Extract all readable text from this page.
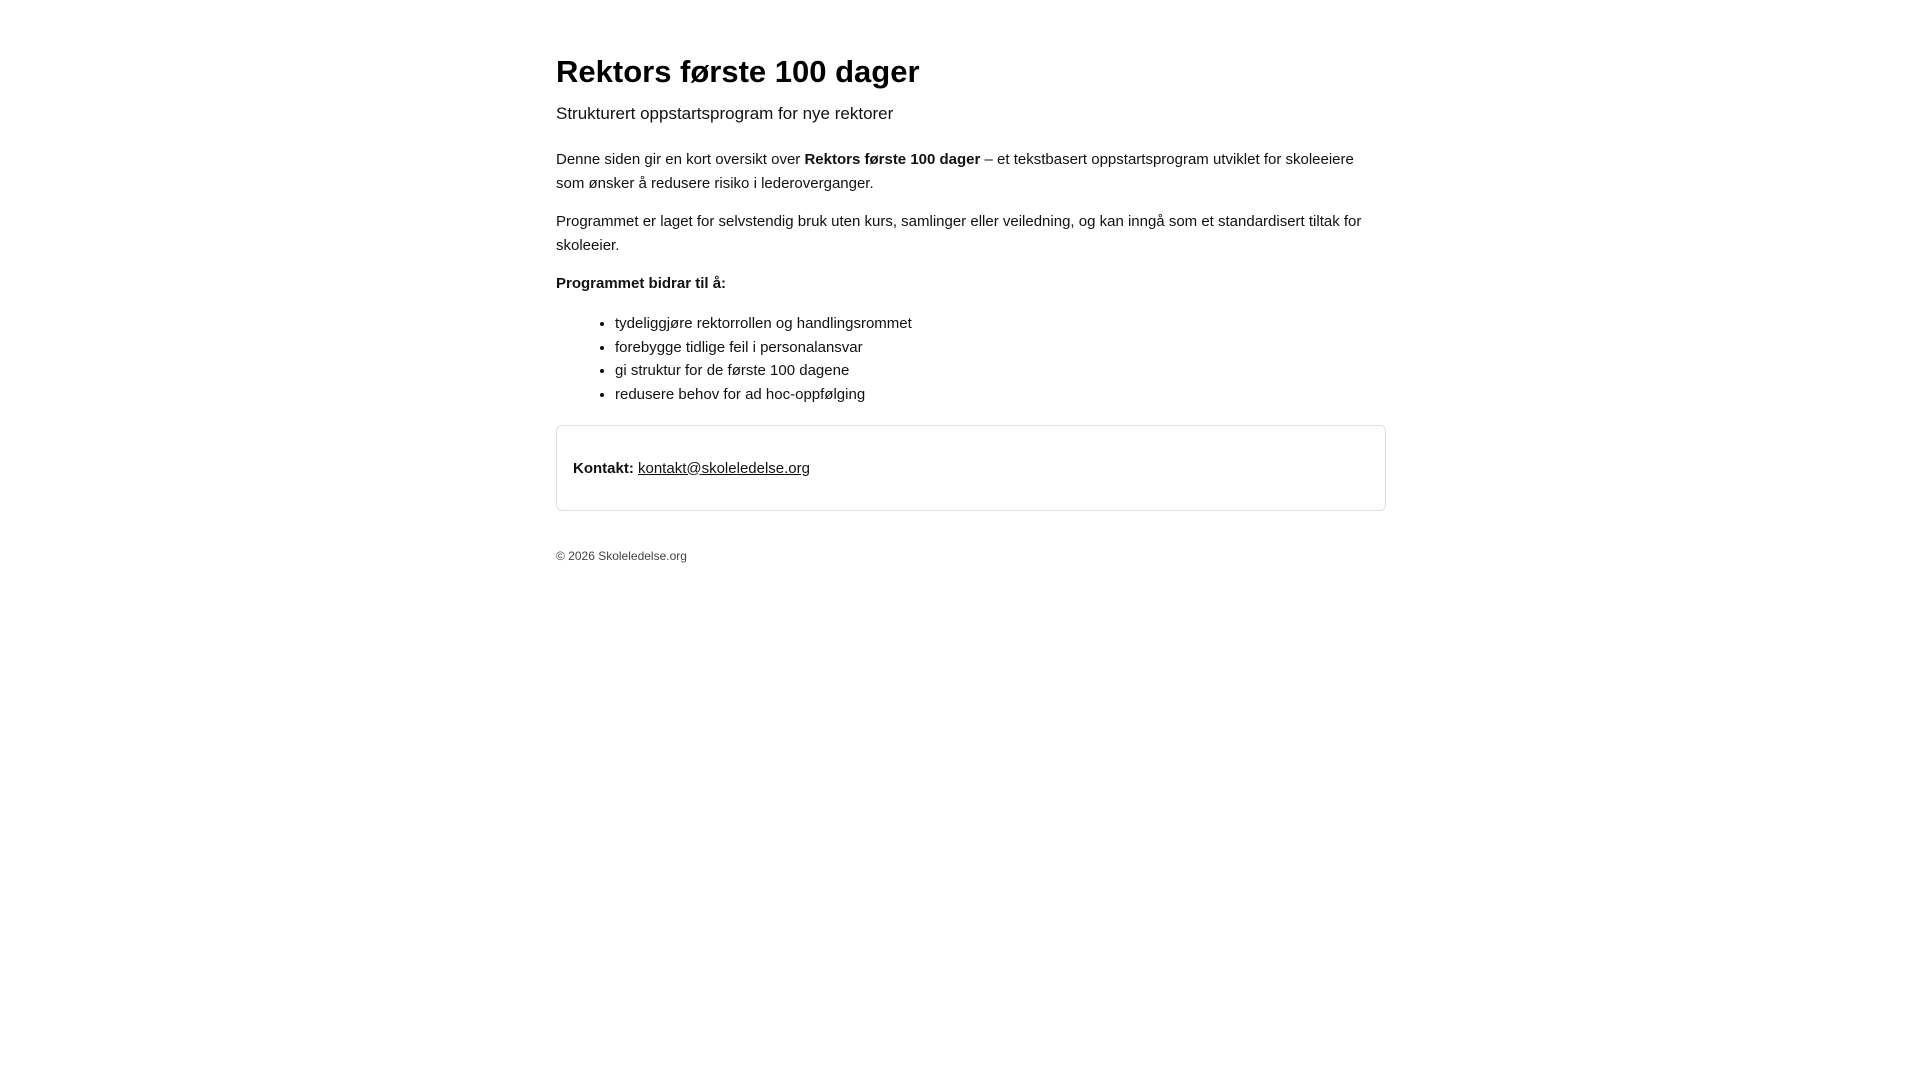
Rektors første 100 dager
Strukturert oppstartsprogram for nye rektorer

Denne siden gir en kort oversikt over Rektors første 100 dager – et tekstbasert oppstartsprogram utviklet for skoleeiere som ønsker å redusere risiko i lederoverganger.

Programmet er laget for selvstendig bruk uten kurs, samlinger eller veiledning, og kan inngå som et standardisert tiltak for skoleeier.

Programmet bidrar til å:

• tydeliggjøre rektorrollen og handlingsrommet
• forebygge tidlige feil i personalansvar
• gi struktur for de første 100 dagene
• redusere behov for ad hoc-oppfølging
Kontakt:
kontakt@skoleledelse.org
© 2026 Skoleledelse.org
